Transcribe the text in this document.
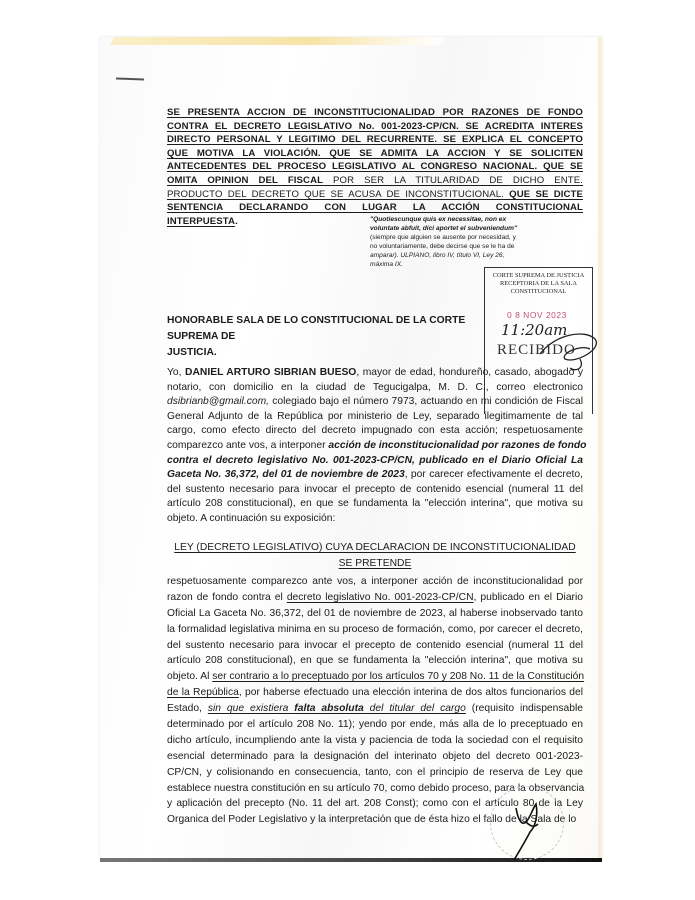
SE PRESENTA ACCION DE INCONSTITUCIONALIDAD POR RAZONES DE FONDO
CONTRA EL DECRETO LEGISLATIVO No. 001-2023-CP/CN. SE ACREDITA INTERES
DIRECTO PERSONAL Y LEGITIMO DEL RECURRENTE. SE EXPLICA EL CONCEPTO
QUE MOTIVA LA VIOLACIÓN. QUE SE ADMITA LA ACCION Y SE SOLICITEN
ANTECEDENTES DEL PROCESO LEGISLATIVO AL CONGRESO NACIONAL. QUE SE
OMITA OPINION DEL FISCAL POR SER LA TITULARIDAD DE DICHO ENTE.
PRODUCTO DEL DECRETO QUE SE ACUSA DE INCONSTITUCIONAL. QUE SE DICTE
SENTENCIA DECLARANDO CON LUGAR LA ACCIÓN CONSTITUCIONAL
INTERPUESTA.	"Quotiescunque quis ex necessitae, non ex
voluntate abfuit, dici aportet el subveniendum"
(siempre que alguien se ausente por necesidad, y
no voluntariamente, debe decirse que se le ha de
amparar). ULPIANO, libro IV, título VI, Ley 26,
máxima IX.
CORTE SUPREMA DE JUSTICIA
RECEPTORIA DE LA SALA
CONSTITUCIONAL
0 8 NOV 2023
11:20am
RECIBIDO
HONORABLE SALA DE LO CONSTITUCIONAL DE LA CORTE SUPREMA DE
JUSTICIA.
Yo, DANIEL ARTURO SIBRIAN BUESO, mayor de edad, hondureño, casado, abogado y
notario, con domicilio en la ciudad de Tegucigalpa, M. D. C., correo electronico
dsibrianb@gmail.com, colegiado bajo el número 7973, actuando en mi condición de Fiscal
General Adjunto de la República por ministerio de Ley, separado ilegitimamente de tal
cargo, como efecto directo del decreto impugnado con esta acción; respetuosamente
comparezco ante vos, a interponer acción de inconstitucionalidad por razones de fondo
contra el decreto legislativo No. 001-2023-CP/CN, publicado en el Diario Oficial La
Gaceta No. 36,372, del 01 de noviembre de 2023, por carecer efectivamente el decreto,
del sustento necesario para invocar el precepto de contenido esencial (numeral 11 del
artículo 208 constitucional), en que se fundamenta la "elección interina", que motiva su
objeto. A continuación su exposición:
LEY (DECRETO LEGISLATIVO) CUYA DECLARACION DE INCONSTITUCIONALIDAD
SE PRETENDE
respetuosamente comparezco ante vos, a interponer acción de inconstitucionalidad por
razon de fondo contra el decreto legislativo No. 001-2023-CP/CN, publicado en el Diario
Oficial La Gaceta No. 36,372, del 01 de noviembre de 2023, al haberse inobservado tanto
la formalidad legislativa minima en su proceso de formación, como, por carecer el decreto,
del sustento necesario para invocar el precepto de contenido esencial (numeral 11 del
artículo 208 constitucional), en que se fundamenta la "elección interina", que motiva su
objeto. Al ser contrario a lo preceptuado por los artículos 70 y 208 No. 11 de la Constitución
de la República, por haberse efectuado una elección interina de dos altos funcionarios del
Estado, sin que existiera falta absoluta del titular del cargo (requisito indispensable
determinado por el artículo 208 No. 11); yendo por ende, más alla de lo preceptuado en
dicho artículo, incumpliendo ante la vista y paciencia de toda la sociedad con el requisito
esencial determinado para la designación del interinato objeto del decreto 001-2023-
CP/CN, y colisionando en consecuencia, tanto, con el principio de reserva de Ley que
establece nuestra constitución en su artículo 70, como debido proceso, para la observancia
y aplicación del precepto (No. 11 del art. 208 Const); como con el artículo 80 de la Ley
Organica del Poder Legislativo y la interpretación que de ésta hizo el fallo de la Sala de lo
